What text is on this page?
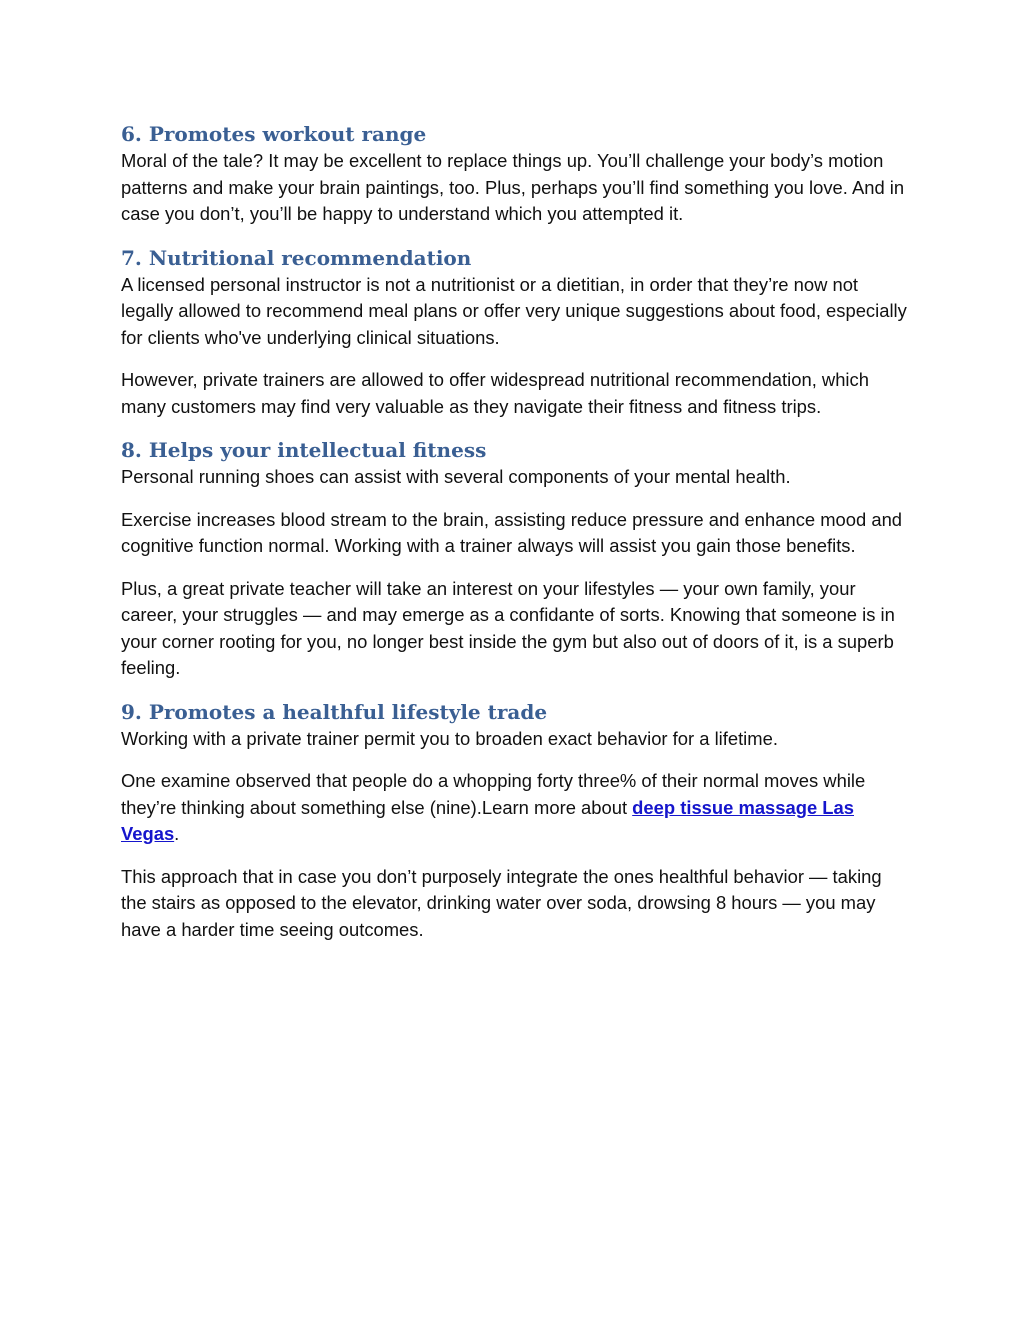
6. Promotes workout range

Moral of the tale? It may be excellent to replace things up. You’ll challenge your body’s motion patterns and make your brain paintings, too. Plus, perhaps you’ll find something you love. And in case you don’t, you’ll be happy to understand which you attempted it.

7. Nutritional recommendation

A licensed personal instructor is not a nutritionist or a dietitian, in order that they’re now not legally allowed to recommend meal plans or offer very unique suggestions about food, especially for clients who've underlying clinical situations.

However, private trainers are allowed to offer widespread nutritional recommendation, which many customers may find very valuable as they navigate their fitness and fitness trips.

8. Helps your intellectual fitness

Personal running shoes can assist with several components of your mental health.

Exercise increases blood stream to the brain, assisting reduce pressure and enhance mood and cognitive function normal. Working with a trainer always will assist you gain those benefits.

Plus, a great private teacher will take an interest on your lifestyles — your own family, your career, your struggles — and may emerge as a confidante of sorts. Knowing that someone is in your corner rooting for you, no longer best inside the gym but also out of doors of it, is a superb feeling.

9. Promotes a healthful lifestyle trade

Working with a private trainer permit you to broaden exact behavior for a lifetime.

One examine observed that people do a whopping forty three% of their normal moves while they’re thinking about something else (nine).Learn more about deep tissue massage Las Vegas.

This approach that in case you don’t purposely integrate the ones healthful behavior — taking the stairs as opposed to the elevator, drinking water over soda, drowsing 8 hours — you may have a harder time seeing outcomes.
